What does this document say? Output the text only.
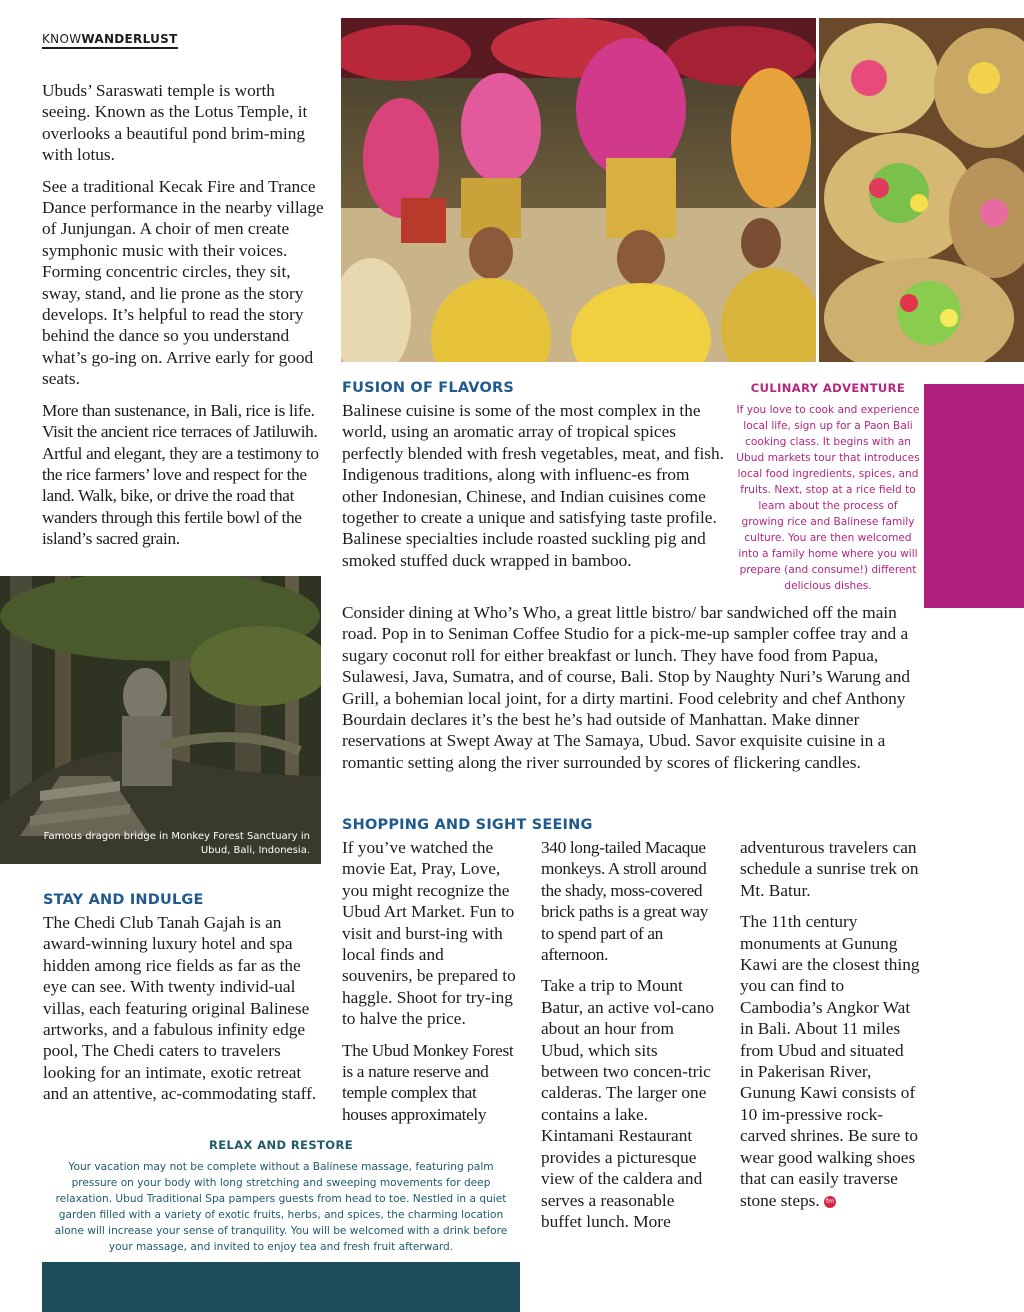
KNOWWANDERLUST

Ubuds’ Saraswati temple is worth seeing. Known as the Lotus Temple, it overlooks a beautiful pond brim-ming with lotus.

See a traditional Kecak Fire and Trance Dance performance in the nearby village of Junjungan. A choir of men create symphonic music with their voices. Forming concentric circles, they sit, sway, stand, and lie prone as the story develops. It’s helpful to read the story behind the dance so you understand what’s go-ing on. Arrive early for good seats.

More than sustenance, in Bali, rice is life. Visit the ancient rice terraces of Jatiluwih. Artful and elegant, they are a testimony to the rice farmers’ love and respect for the land. Walk, bike, or drive the road that wanders through this fertile bowl of the island’s sacred grain.

FUSION OF FLAVORS
Balinese cuisine is some of the most complex in the world, using an aromatic array of tropical spices perfectly blended with fresh vegetables, meat, and fish. Indigenous traditions, along with influenc-es from other Indonesian, Chinese, and Indian cuisines come together to create a unique and satisfying taste profile. Balinese specialties include roasted suckling pig and smoked stuffed duck wrapped in bamboo.
Consider dining at Who’s Who, a great little bistro/ bar sandwiched off the main road. Pop in to Seniman Coffee Studio for a pick-me-up sampler coffee tray and a sugary coconut roll for either breakfast or lunch. They have food from Papua, Sulawesi, Java, Sumatra, and of course, Bali. Stop by Naughty Nuri’s Warung and Grill, a bohemian local joint, for a dirty martini. Food celebrity and chef Anthony Bourdain declares it’s the best he’s had outside of Manhattan. Make dinner reservations at Swept Away at The Samaya, Ubud. Savor exquisite cuisine in a romantic setting along the river surrounded by scores of flickering candles.
CULINARY ADVENTURE
If you love to cook and experience local life, sign up for a Paon Bali cooking class. It begins with an Ubud markets tour that introduces local food ingredients, spices, and fruits. Next, stop at a rice field to learn about the process of growing rice and Balinese family culture. You are then welcomed into a family home where you will prepare (and consume!) different delicious dishes.
Famous dragon bridge in Monkey Forest Sanctuary in Ubud, Bali, Indonesia.
STAY AND INDULGE
The Chedi Club Tanah Gajah is an award-winning luxury hotel and spa hidden among rice fields as far as the eye can see. With twenty individ-ual villas, each featuring original Balinese artworks, and a fabulous infinity edge pool, The Chedi caters to travelers looking for an intimate, exotic retreat and an attentive, ac-commodating staff.
RELAX AND RESTORE
Your vacation may not be complete without a Balinese massage, featuring palm pressure on your body with long stretching and sweeping movements for deep relaxation. Ubud Traditional Spa pampers guests from head to toe. Nestled in a quiet garden filled with a variety of exotic fruits, herbs, and spices, the charming location alone will increase your sense of tranquility. You will be welcomed with a drink before your massage, and invited to enjoy tea and fresh fruit afterward.
SHOPPING AND SIGHT SEEING

If you’ve watched the movie Eat, Pray, Love, you might recognize the Ubud Art Market. Fun to visit and burst-ing with local finds and souvenirs, be prepared to haggle. Shoot for try-ing to halve the price.

The Ubud Monkey Forest is a nature reserve and temple complex that houses approximately

340 long-tailed Macaque monkeys. A stroll around the shady, moss-covered brick paths is a great way to spend part of an afternoon.

Take a trip to Mount Batur, an active vol-cano about an hour from Ubud, which sits between two concen-tric calderas. The larger one contains a lake. Kintamani Restaurant provides a picturesque view of the caldera and serves a reasonable buffet lunch. More

adventurous travelers can schedule a sunrise trek on Mt. Batur.

The 11th century monuments at Gunung Kawi are the closest thing you can find to Cambodia’s Angkor Wat in Bali. About 11 miles from Ubud and situated in Pakerisan River, Gunung Kawi consists of 10 im-pressive rock-carved shrines. Be sure to wear good walking shoes that can easily traverse stone steps. fm
